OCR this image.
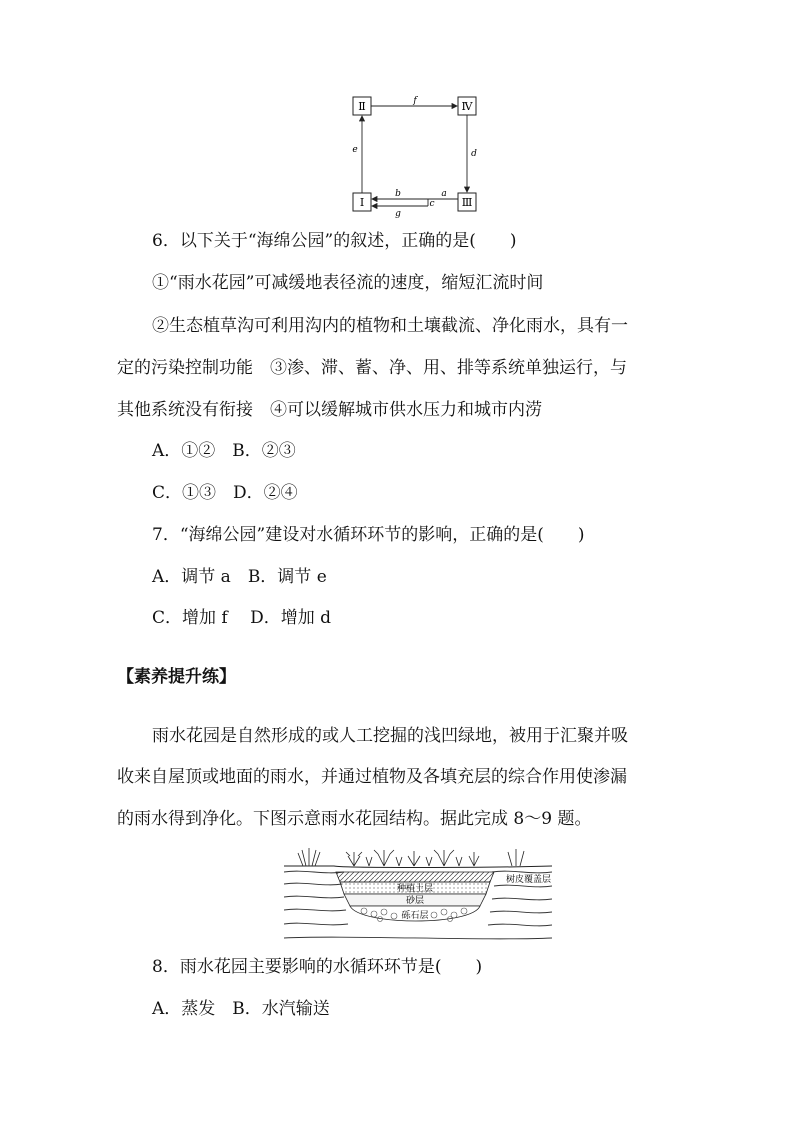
Ⅱ	Ⅳ
Ⅰ	Ⅲ
f
e	d
b	a
c
g
6．以下关于“海绵公园”的叙述，正确的是(　　)
①“雨水花园”可减缓地表径流的速度，缩短汇流时间
②生态植草沟可利用沟内的植物和土壤截流、净化雨水，具有一
定的污染控制功能　③渗、滞、蓄、净、用、排等系统单独运行，与
其他系统没有衔接　④可以缓解城市供水压力和城市内涝
A．①②　B．②③
C．①③　D．②④
7．“海绵公园”建设对水循环环节的影响，正确的是(　　)
A．调节 a　B．调节 e
C．增加 f　 D．增加 d
【素养提升练】
雨水花园是自然形成的或人工挖掘的浅凹绿地，被用于汇聚并吸
收来自屋顶或地面的雨水，并通过植物及各填充层的综合作用使渗漏
的雨水得到净化。下图示意雨水花园结构。据此完成 8～9 题。
种植土层
树皮覆盖层
砂层
砾石层
8．雨水花园主要影响的水循环环节是(　　)
A．蒸发　B．水汽输送
